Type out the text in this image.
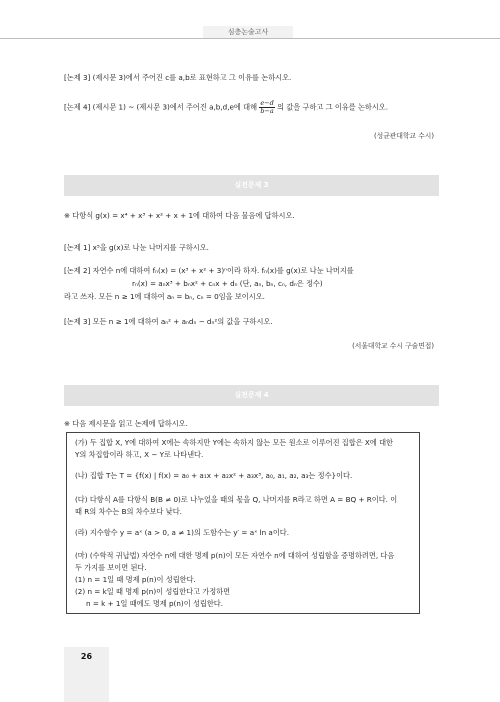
심층논술고사
[논제 3] (제시문 3)에서 주어진 c를 a,b로 표현하고 그 이유를 논하시오.
[논제 4] (제시문 1) ~ (제시문 3)에서 주어진 a,b,d,e에 대해 $\frac{e-d}{b-a}$ 의 값을 구하고 그 이유를 논하시오.
(성균관대학교 수시)
실전문제 3
※ 다항식 g(x) = x⁴ + x³ + x² + x + 1에 대하여 다음 물음에 답하시오.
[논제 1] x⁵을 g(x)로 나눈 나머지를 구하시오.
[논제 2] 자연수 n에 대하여 fₙ(x) = (x³ + x² + 3)ⁿ이라 하자. fₙ(x)를 g(x)로 나눈 나머지를
rₙ(x) = aₙx³ + bₙx² + cₙx + dₙ (단, aₙ, bₙ, cₙ, dₙ은 정수)
라고 쓰자. 모든 n ≥ 1에 대하여 aₙ = bₙ, cₙ = 0임을 보이시오.
[논제 3] 모든 n ≥ 1에 대하여 aₙ² + aₙdₙ − dₙ²의 값을 구하시오.
(서울대학교 수시 구술면접)
실전문제 4
※ 다음 제시문을 읽고 논제에 답하시오.
(가) 두 집합 X, Y에 대하여 X에는 속하지만 Y에는 속하지 않는 모든 원소로 이루어진 집합은 X에 대한
Y의 차집합이라 하고, X − Y로 나타낸다.
(나) 집합 T는 T = {f(x) | f(x) = a₀ + a₁x + a₂x² + a₃x³, a₀, a₁, a₂, a₃는 정수}이다.
(다) 다항식 A를 다항식 B(B ≠ 0)로 나누었을 때의 몫을 Q, 나머지를 R라고 하면 A = BQ + R이다. 이
때 R의 차수는 B의 차수보다 낮다.
(라) 지수함수 y = aˣ (a > 0, a ≠ 1)의 도함수는 y′ = aˣ ln a이다.
(마) (수학적 귀납법) 자연수 n에 대한 명제 p(n)이 모든 자연수 n에 대하여 성립함을 증명하려면, 다음
두 가지를 보이면 된다.
(1) n = 1일 때 명제 p(n)이 성립한다.
(2) n = k일 때 명제 p(n)이 성립한다고 가정하면
n = k + 1일 때에도 명제 p(n)이 성립한다.
26
